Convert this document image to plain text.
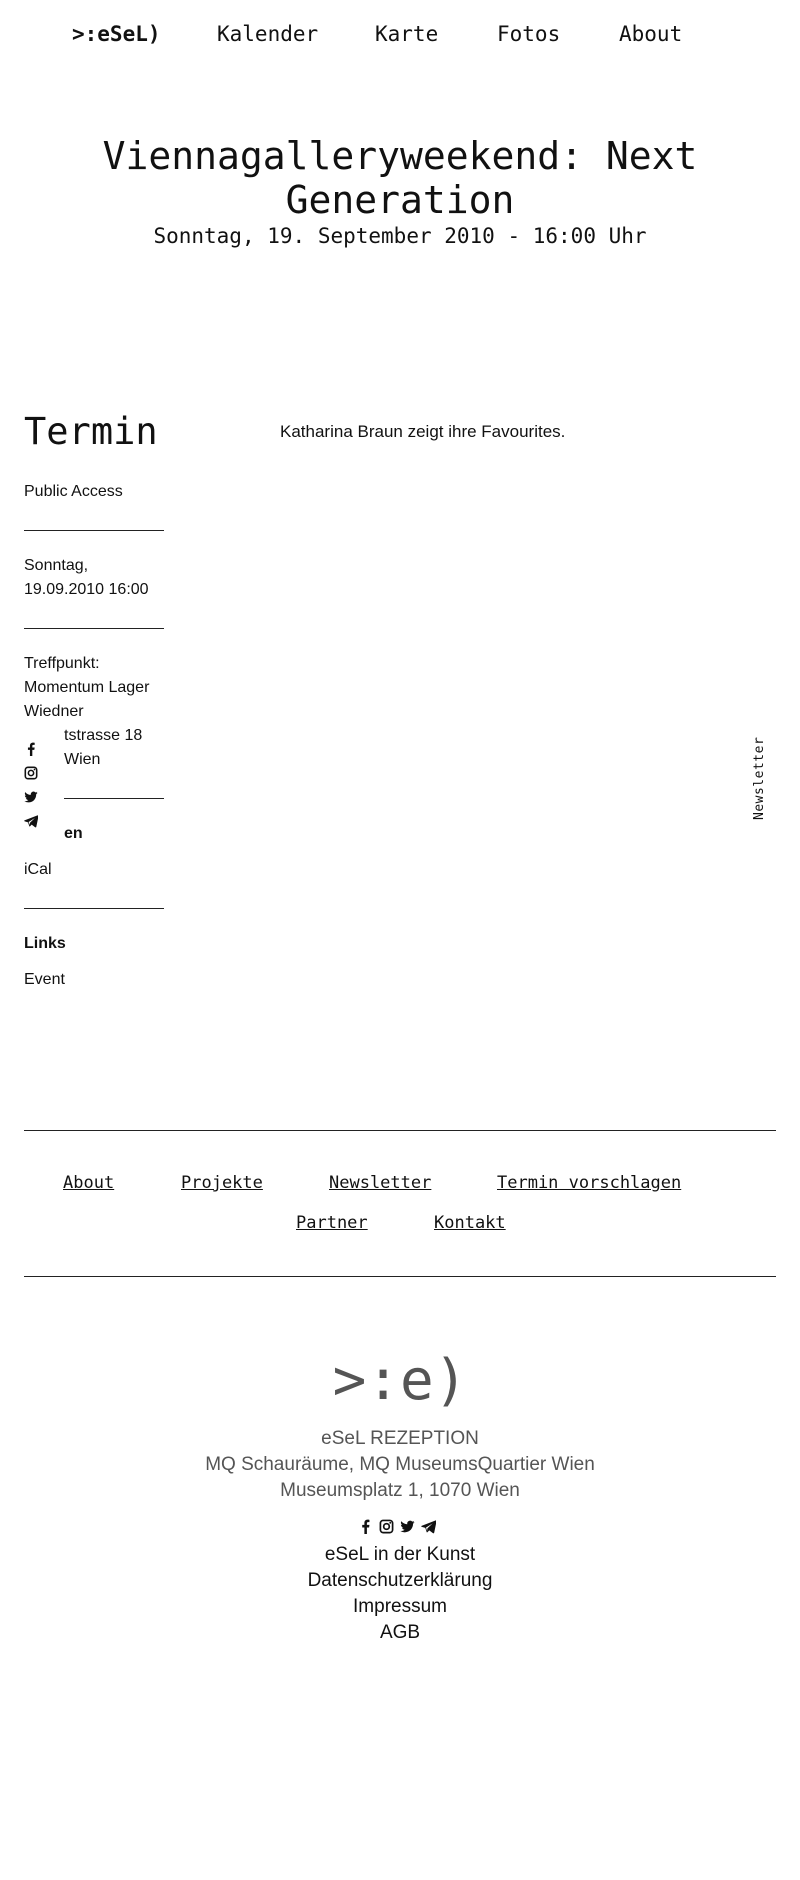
>:eSeL)	Kalender	Karte	Fotos	About
Viennagalleryweekend: Next Generation
Sonntag, 19. September 2010 - 16:00 Uhr
Termin
Public Access
Sonntag,
19.09.2010 16:00
Treffpunkt:
Momentum Lager
Wiedner
tstrasse 18
Wien
en
iCal
Links
Event
Katharina Braun zeigt ihre Favourites.
Newsletter
About	Projekte	Newsletter	Termin vorschlagen
Partner	Kontakt
>:e)
eSeL REZEPTION
MQ Schauräume, MQ MuseumsQuartier Wien
Museumsplatz 1, 1070 Wien
eSeL in der Kunst
Datenschutzerklärung
Impressum
AGB
